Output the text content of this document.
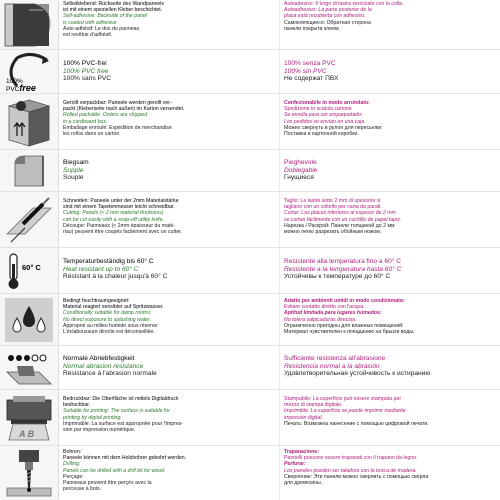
Selbstklebend: Rückseite des Wandpaneels
ist mit einem speziellen Kleber beschichtet.
Self-adhesive: Backside of the panel
is coated with adhesive
Auto-adhésif: Le dos du panneau
est revêtue d'adhésif.
Autoadesivo: Il tergo di lastra verniciato con la colla.
Autoadhesivo: La parte posterior de la
placa está recubierta con adhesivo.
Самоклеящиеся: Обратная сторона
панели покрыта клеем.
100%
PVCfree
100% PVC-frei
100% PVC free
100% sans PVC
100% senza PVC
100% sin PVC
Не содержат ПВХ
Gerollt verpackbar: Paneele werden gerollt ver-
packt (Kleberseite nach außen) im Karton versendet.
Rolled packable: Orders are shipped
in a cardboard box.
Emballage enroulé: Expédition de merchandise
les rollos dans un carton.
Confezionabile in modo arrotolato:
Spedizione in scatola cartone
Se enrolla para ser empaquetado:
Los pedidos se envían en una caja
Можно свернуть в рулон для пересылки:
Поставка в картонной коробке.
Biegsam
Supple
Souple
Pieghevole
Doblegable
Гнущиеся
Schneiden: Paneele unter der 2mm Materialstärke
sind mit einem Tapetenmesser leicht schneidbar.
Cutting: Panels (< 2 mm material thickness)
can be cut easily with a snap-off utility knife.
Découpe: Panneaux (< 2mm épaisseur du maté-
riau) peuvent être coupés facilement avec un cutter.
Taglio: Le lastre sotto 2 mm di spessore si
tagliano con un coltello per carta da parati.
Cortar: Las placas inferiores al espesor de 2 mm
se cortan fácilmente con un cuchillo de papel tapiz.
Нарезка / Раскрой: Панели толщиной до 2 мм
можно легко разрезать обойным ножом.
60° C
Temperaturbeständig bis 60° C
Heat resistant up to 60° C
Résistant à la chaleur jusqu'à 60° C
Resistente alla temperatura fino a 60° C
Resistente a la temperatura hasta 60° C
Устойчивы к температуре до 60° C
Bedingt feuchtraumgeeignet:
Material reagiert sensibler auf Spritzwasser.
Conditionally suitable for damp rooms:
No direct exposure to splashing water.
Approprié au milieu humide sous réserve:
L'éclaboussure directe est déconseillée.
Adatto per ambienti umidi in modo condizionato:
Evitare contatto diretto con l'acqua.
Aptitud limitada para lugares húmedos:
No tolera salpicaduras directas.
Ограниченно пригодны для влажных помещений:
Материал чувствителен к попаданию на брызги воды.
Normale Abriebfestigkeit
Normal abrasion resistance
Résistance à l'abrasion normale
Sufficiente resistenza all'abrasione
Resistencia normal a la abrasión
Удовлетворительная устойчивость к истиранию
A B
Bedruckbar: Die Oberfläche ist mittels Digitaldruck
bedruckbar.
Suitable for printing: The surface is suitable for
printing by digital printing.
Imprimable: La surface est appropriée pour l'impres-
sion par impression numérique.
Stampabile: La superficie può essere stampata per
mezzo di stampa digitale.
Imprimible: La superficie se puede imprimir mediante
impresión digital.
Печать: Возможна нанесение с помощью цифровой печати.
Bohren:
Paneele können mit dem Holzbohrer gebohrt werden.
Drilling:
Panels can be drilled with a drill bit for wood.
Perçage:
Panneaux peuvent être perçés avec la
perceuse à bois.
Trapanazione:
Pannelli possono essere trapanati con il trapano da legno.
Perforar:
Los paneles pueden ser taladros con la broca de madera.
Сверление: Эти панели можно сверлить с помощью сверла
для древесины.
